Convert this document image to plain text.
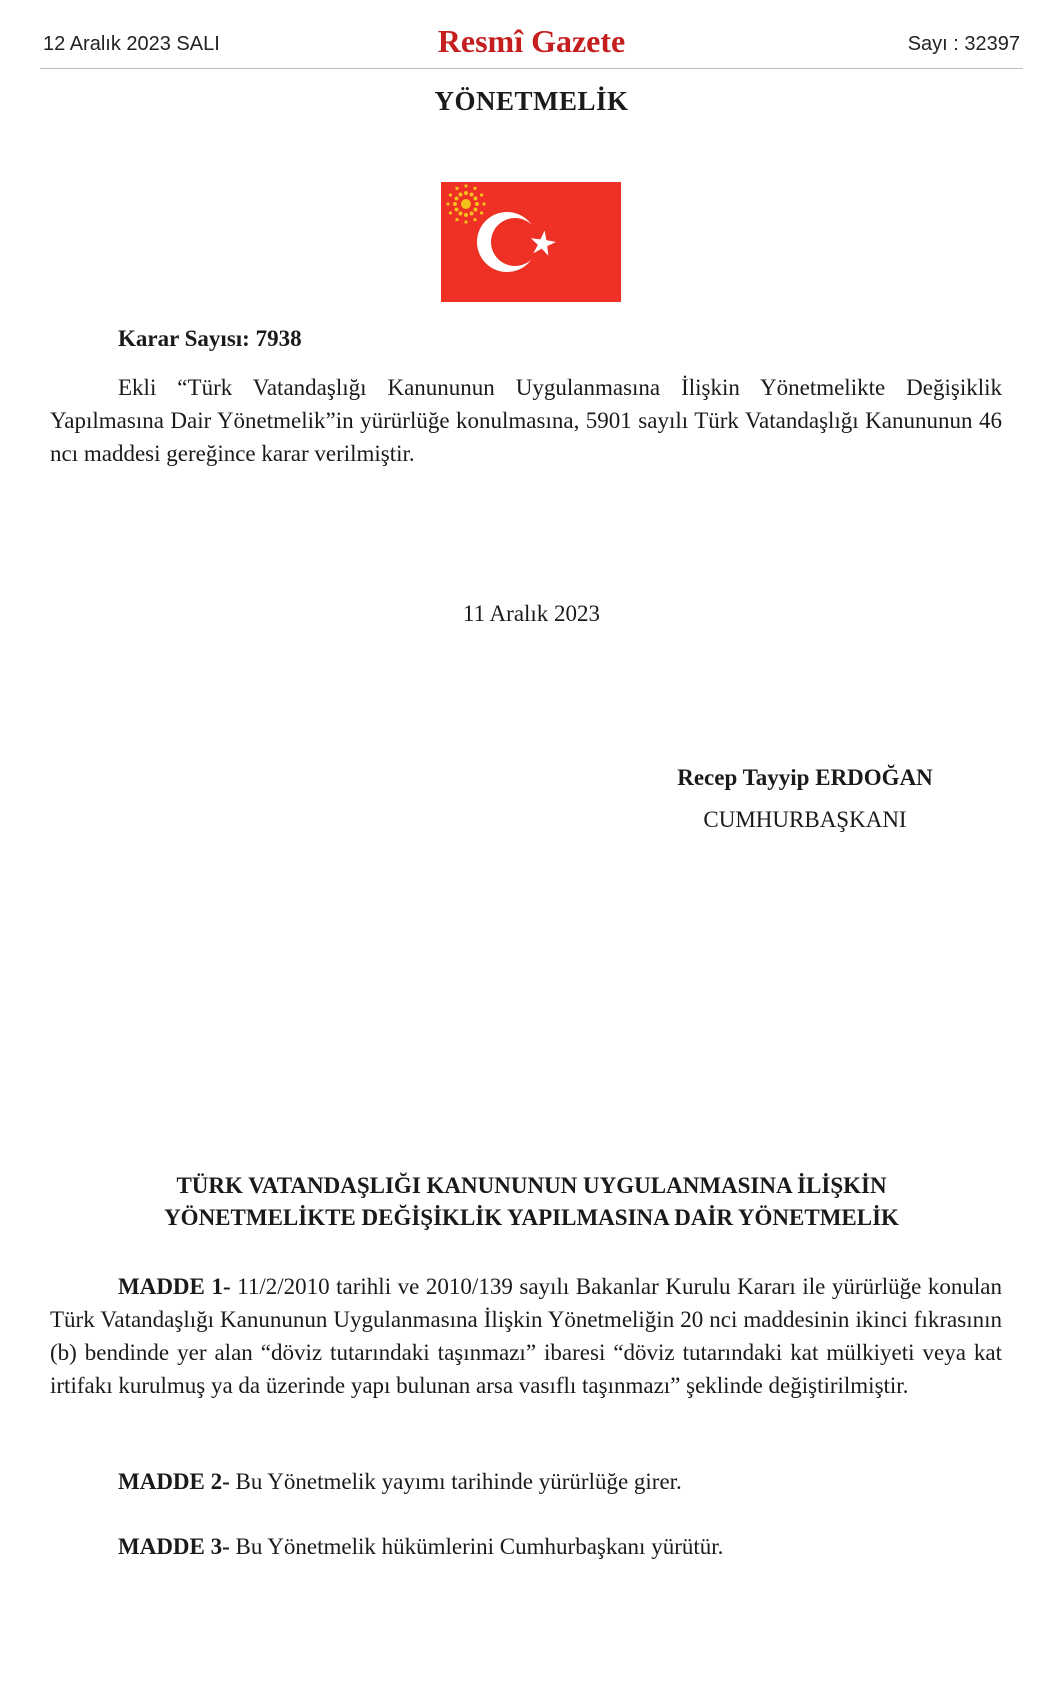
12 Aralık 2023 SALI	Resmî Gazete	Sayı : 32397
YÖNETMELİK
Karar Sayısı: 7938
Ekli “Türk Vatandaşlığı Kanununun Uygulanmasına İlişkin Yönetmelikte Değişiklik Yapılmasına Dair Yönetmelik”in yürürlüğe konulmasına, 5901 sayılı Türk Vatandaşlığı Kanununun 46 ncı maddesi gereğince karar verilmiştir.
11 Aralık 2023
Recep Tayyip ERDOĞAN
CUMHURBAŞKANI
TÜRK VATANDAŞLIĞI KANUNUNUN UYGULANMASINA İLİŞKİN
YÖNETMELİKTE DEĞİŞİKLİK YAPILMASINA DAİR YÖNETMELİK
MADDE 1- 11/2/2010 tarihli ve 2010/139 sayılı Bakanlar Kurulu Kararı ile yürürlüğe konulan Türk Vatandaşlığı Kanununun Uygulanmasına İlişkin Yönetmeliğin 20 nci maddesinin ikinci fıkrasının (b) bendinde yer alan “döviz tutarındaki taşınmazı” ibaresi “döviz tutarındaki kat mülkiyeti veya kat irtifakı kurulmuş ya da üzerinde yapı bulunan arsa vasıflı taşınmazı” şeklinde değiştirilmiştir.
MADDE 2- Bu Yönetmelik yayımı tarihinde yürürlüğe girer.
MADDE 3- Bu Yönetmelik hükümlerini Cumhurbaşkanı yürütür.
